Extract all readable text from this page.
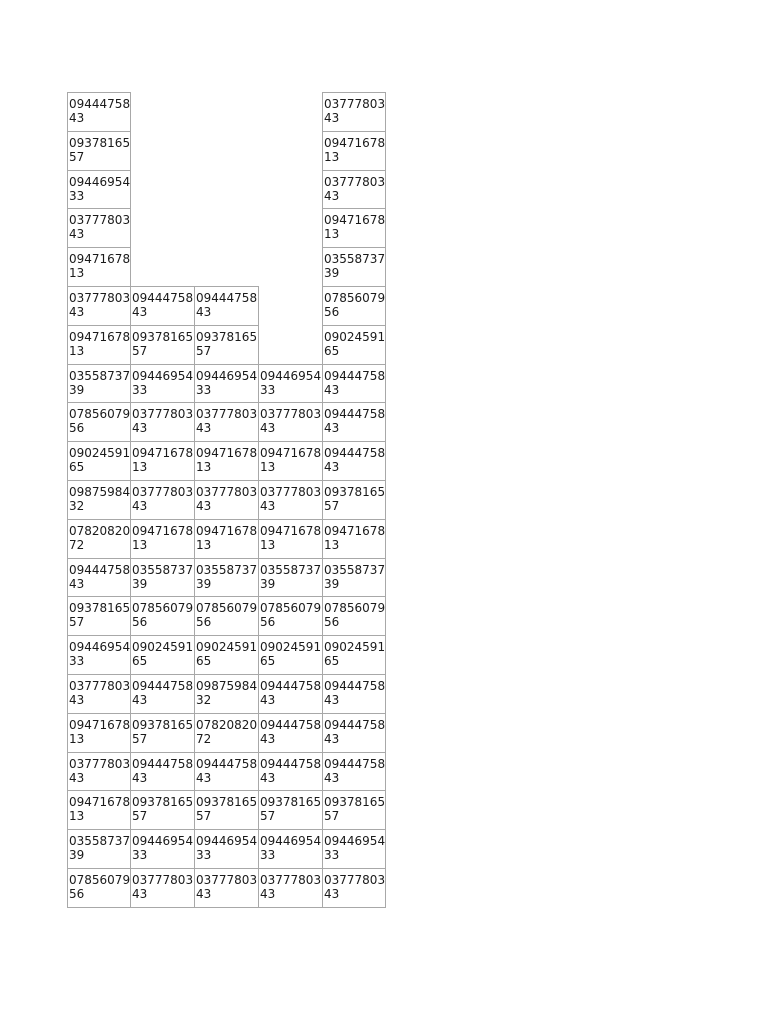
09444758
43
09378165
57
09446954
33
03777803
43
09471678
13
03777803
43
09471678
13
03558737
39
07856079
56
09024591
65
09875984
32
07820820
72
09444758
43
09378165
57
09446954
33
03777803
43
09471678
13
03777803
43
09471678
13
03558737
39
07856079
56
09444758
43
09378165
57
09446954
33
03777803
43
09471678
13
03777803
43
09471678
13
03558737
39
07856079
56
09024591
65
09444758
43
09378165
57
09444758
43
09378165
57
09446954
33
03777803
43
09444758
43
09378165
57
09446954
33
03777803
43
09471678
13
03777803
43
09471678
13
03558737
39
07856079
56
09024591
65
09875984
32
07820820
72
09444758
43
09378165
57
09446954
33
03777803
43
09446954
33
03777803
43
09471678
13
03777803
43
09471678
13
03558737
39
07856079
56
09024591
65
09444758
43
09444758
43
09444758
43
09378165
57
09446954
33
03777803
43
03777803
43
09471678
13
03777803
43
09471678
13
03558737
39
07856079
56
09024591
65
09444758
43
09444758
43
09444758
43
09378165
57
09471678
13
03558737
39
07856079
56
09024591
65
09444758
43
09444758
43
09444758
43
09378165
57
09446954
33
03777803
43
